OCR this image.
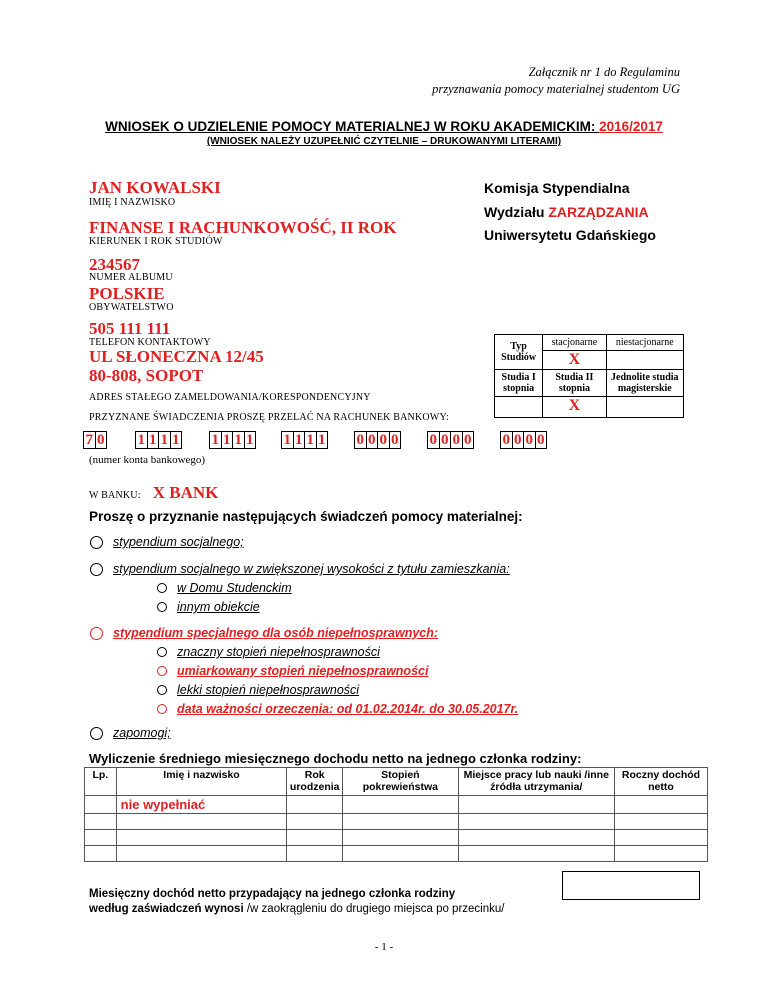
Załącznik nr 1 do Regulaminu
przyznawania pomocy materialnej studentom UG
WNIOSEK O UDZIELENIE POMOCY MATERIALNEJ W ROKU AKADEMICKIM: 2016/2017
(WNIOSEK NALEŻY UZUPEŁNIĆ CZYTELNIE – DRUKOWANYMI LITERAMI)
Komisja Stypendialna
Wydziału ZARZĄDZANIA
Uniwersytetu Gdańskiego
JAN KOWALSKI
IMIĘ I NAZWISKO
FINANSE I RACHUNKOWOŚĆ, II ROK
KIERUNEK I ROK STUDIÓW
234567
NUMER ALBUMU
POLSKIE
OBYWATELSTWO
505 111 111
TELEFON KONTAKTOWY
UL SŁONECZNA 12/45
80-808, SOPOT
ADRES STAŁEGO ZAMELDOWANIA/KORESPONDENCYJNY
PRZYZNANE ŚWIADCZENIA PROSZĘ PRZELAĆ NA RACHUNEK BANKOWY:
7 0 1 1 1 1 1 1 1 1 1 1 1 1 0 0 0 0 0 0 0 0 0 0 0 0
(numer konta bankowego)
W BANKU: X BANK
Typ Studiów	stacjonarne	niestacjonarne
	X	
Studia I stopnia	Studia II stopnia	Jednolite studia magisterskie
	X	
Proszę o przyznanie następujących świadczeń pomocy materialnej:
stypendium socjalnego;
stypendium socjalnego w zwiększonej wysokości z tytułu zamieszkania:
w Domu Studenckim
innym obiekcie
stypendium specjalnego dla osób niepełnosprawnych:
znaczny stopień niepełnosprawności
umiarkowany stopień niepełnosprawności
lekki stopień niepełnosprawności
data ważności orzeczenia: od 01.02.2014r. do 30.05.2017r.
zapomogi;
Wyliczenie średniego miesięcznego dochodu netto na jednego członka rodziny:
Lp.	Imię i nazwisko	Rok urodzenia	Stopień pokrewieństwa	Miejsce pracy lub nauki /inne źródła utrzymania/	Roczny dochód netto
	nie wypełniać				

Miesięczny dochód netto przypadający na jednego członka rodziny
według zaświadczeń wynosi /w zaokrągleniu do drugiego miejsca po przecinku/
- 1 -
